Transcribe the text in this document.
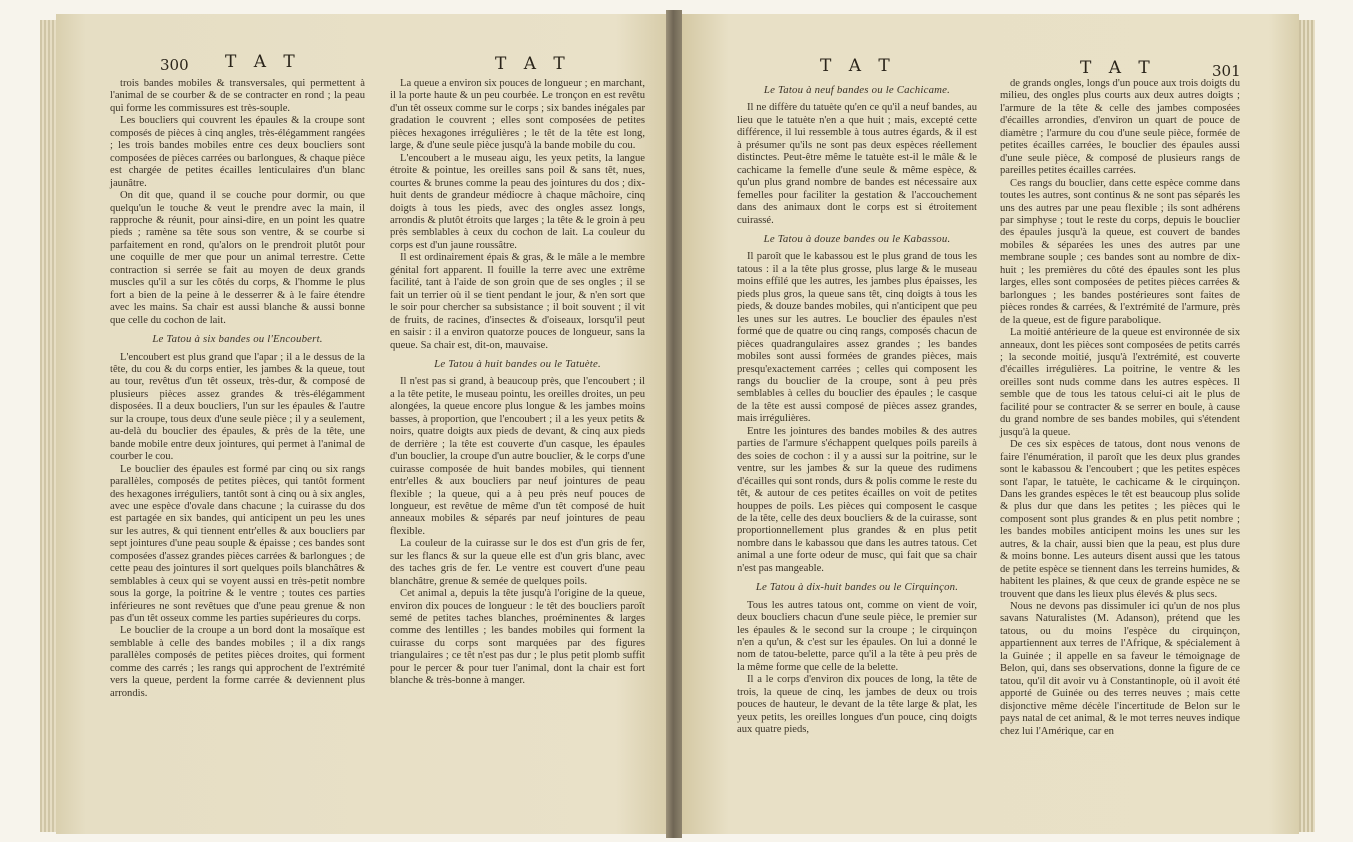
300 T A T	T A T	T A T	T A T	301

trois bandes mobiles & transversales, qui permettent à l'animal de se courber & de se contracter en rond ; la peau qui forme les commissures est très-souple.

Les boucliers qui couvrent les épaules & la croupe sont composés de pièces à cinq angles, très-élégamment rangées ; les trois bandes mobiles entre ces deux boucliers sont composées de pièces carrées ou barlongues, & chaque pièce est chargée de petites écailles lenticulaires d'un blanc jaunâtre.

On dit que, quand il se couche pour dormir, ou que quelqu'un le touche & veut le prendre avec la main, il rapproche & réunit, pour ainsi-dire, en un point les quatre pieds ; ramène sa tête sous son ventre, & se courbe si parfaitement en rond, qu'alors on le prendroit plutôt pour une coquille de mer que pour un animal terrestre. Cette contraction si serrée se fait au moyen de deux grands muscles qu'il a sur les côtés du corps, & l'homme le plus fort a bien de la peine à le desserrer & à le faire étendre avec les mains. Sa chair est aussi blanche & aussi bonne que celle du cochon de lait.

Le Tatou à six bandes ou l'Encoubert.

L'encoubert est plus grand que l'apar ; il a le dessus de la tête, du cou & du corps entier, les jambes & la queue, tout au tour, revêtus d'un têt osseux, très-dur, & composé de plusieurs pièces assez grandes & très-élégamment disposées. Il a deux boucliers, l'un sur les épaules & l'autre sur la croupe, tous deux d'une seule pièce ; il y a seulement, au-delà du bouclier des épaules, & près de la tête, une bande mobile entre deux jointures, qui permet à l'animal de courber le cou.

Le bouclier des épaules est formé par cinq ou six rangs parallèles, composés de petites pièces, qui tantôt forment des hexagones irréguliers, tantôt sont à cinq ou à six angles, avec une espèce d'ovale dans chacune ; la cuirasse du dos est partagée en six bandes, qui anticipent un peu les unes sur les autres, & qui tiennent entr'elles & aux boucliers par sept jointures d'une peau souple & épaisse ; ces bandes sont composées d'assez grandes pièces carrées & barlongues ; de cette peau des jointures il sort quelques poils blanchâtres & semblables à ceux qui se voyent aussi en très-petit nombre sous la gorge, la poitrine & le ventre ; toutes ces parties inférieures ne sont revêtues que d'une peau grenue & non pas d'un têt osseux comme les parties supérieures du corps.

Le bouclier de la croupe a un bord dont la mosaïque est semblable à celle des bandes mobiles ; il a dix rangs parallèles composés de petites pièces droites, qui forment comme des carrés ; les rangs qui approchent de l'extrémité vers la queue, perdent la forme carrée & deviennent plus arrondis.

La queue a environ six pouces de longueur ; en marchant, il la porte haute & un peu courbée. Le tronçon en est revêtu d'un têt osseux comme sur le corps ; six bandes inégales par gradation le couvrent ; elles sont composées de petites pièces hexagones irrégulières ; le têt de la tête est long, large, & d'une seule pièce jusqu'à la bande mobile du cou.

L'encoubert a le museau aigu, les yeux petits, la langue étroite & pointue, les oreilles sans poil & sans têt, nues, courtes & brunes comme la peau des jointures du dos ; dix-huit dents de grandeur médiocre à chaque mâchoire, cinq doigts à tous les pieds, avec des ongles assez longs, arrondis & plutôt étroits que larges ; la tête & le groin à peu près semblables à ceux du cochon de lait. La couleur du corps est d'un jaune roussâtre.

Il est ordinairement épais & gras, & le mâle a le membre génital fort apparent. Il fouille la terre avec une extrême facilité, tant à l'aide de son groin que de ses ongles ; il se fait un terrier où il se tient pendant le jour, & n'en sort que le soir pour chercher sa subsistance ; il boit souvent ; il vit de fruits, de racines, d'insectes & d'oiseaux, lorsqu'il peut en saisir : il a environ quatorze pouces de longueur, sans la queue. Sa chair est, dit-on, mauvaise.

Le Tatou à huit bandes ou le Tatuète.

Il n'est pas si grand, à beaucoup près, que l'encoubert ; il a la tête petite, le museau pointu, les oreilles droites, un peu alongées, la queue encore plus longue & les jambes moins basses, à proportion, que l'encoubert ; il a les yeux petits & noirs, quatre doigts aux pieds de devant, & cinq aux pieds de derrière ; la tête est couverte d'un casque, les épaules d'un bouclier, la croupe d'un autre bouclier, & le corps d'une cuirasse composée de huit bandes mobiles, qui tiennent entr'elles & aux boucliers par neuf jointures de peau flexible ; la queue, qui a à peu près neuf pouces de longueur, est revêtue de même d'un têt composé de huit anneaux mobiles & séparés par neuf jointures de peau flexible.

La couleur de la cuirasse sur le dos est d'un gris de fer, sur les flancs & sur la queue elle est d'un gris blanc, avec des taches gris de fer. Le ventre est couvert d'une peau blanchâtre, grenue & semée de quelques poils.

Cet animal a, depuis la tête jusqu'à l'origine de la queue, environ dix pouces de longueur : le têt des boucliers paroît semé de petites taches blanches, proéminentes & larges comme des lentilles ; les bandes mobiles qui forment la cuirasse du corps sont marquées par des figures triangulaires ; ce têt n'est pas dur ; le plus petit plomb suffit pour le percer & pour tuer l'animal, dont la chair est fort blanche & très-bonne à manger.

Le Tatou à neuf bandes ou le Cachicame.

Il ne diffère du tatuète qu'en ce qu'il a neuf bandes, au lieu que le tatuète n'en a que huit ; mais, excepté cette différence, il lui ressemble à tous autres égards, & il est à présumer qu'ils ne sont pas deux espèces réellement distinctes. Peut-être même le tatuète est-il le mâle & le cachicame la femelle d'une seule & même espèce, & qu'un plus grand nombre de bandes est nécessaire aux femelles pour faciliter la gestation & l'accouchement dans des animaux dont le corps est si étroitement cuirassé.

Le Tatou à douze bandes ou le Kabassou.

Il paroît que le kabassou est le plus grand de tous les tatous : il a la tête plus grosse, plus large & le museau moins effilé que les autres, les jambes plus épaisses, les pieds plus gros, la queue sans têt, cinq doigts à tous les pieds, & douze bandes mobiles, qui n'anticipent que peu les unes sur les autres. Le bouclier des épaules n'est formé que de quatre ou cinq rangs, composés chacun de pièces quadrangulaires assez grandes ; les bandes mobiles sont aussi formées de grandes pièces, mais presqu'exactement carrées ; celles qui composent les rangs du bouclier de la croupe, sont à peu près semblables à celles du bouclier des épaules ; le casque de la tête est aussi composé de pièces assez grandes, mais irrégulières.

Entre les jointures des bandes mobiles & des autres parties de l'armure s'échappent quelques poils pareils à des soies de cochon : il y a aussi sur la poitrine, sur le ventre, sur les jambes & sur la queue des rudimens d'écailles qui sont ronds, durs & polis comme le reste du têt, & autour de ces petites écailles on voit de petites houppes de poils. Les pièces qui composent le casque de la tête, celle des deux boucliers & de la cuirasse, sont proportionnellement plus grandes & en plus petit nombre dans le kabassou que dans les autres tatous. Cet animal a une forte odeur de musc, qui fait que sa chair n'est pas mangeable.

Le Tatou à dix-huit bandes ou le Cirquinçon.

Tous les autres tatous ont, comme on vient de voir, deux boucliers chacun d'une seule pièce, le premier sur les épaules & le second sur la croupe ; le cirquinçon n'en a qu'un, & c'est sur les épaules. On lui a donné le nom de tatou-belette, parce qu'il a la tête à peu près de la même forme que celle de la belette.

Il a le corps d'environ dix pouces de long, la tête de trois, la queue de cinq, les jambes de deux ou trois pouces de hauteur, le devant de la tête large & plat, les yeux petits, les oreilles longues d'un pouce, cinq doigts aux quatre pieds,

de grands ongles, longs d'un pouce aux trois doigts du milieu, des ongles plus courts aux deux autres doigts ; l'armure de la tête & celle des jambes composées d'écailles arrondies, d'environ un quart de pouce de diamètre ; l'armure du cou d'une seule pièce, formée de petites écailles carrées, le bouclier des épaules aussi d'une seule pièce, & composé de plusieurs rangs de pareilles petites écailles carrées.

Ces rangs du bouclier, dans cette espèce comme dans toutes les autres, sont continus & ne sont pas séparés les uns des autres par une peau flexible ; ils sont adhérens par simphyse ; tout le reste du corps, depuis le bouclier des épaules jusqu'à la queue, est couvert de bandes mobiles & séparées les unes des autres par une membrane souple ; ces bandes sont au nombre de dix-huit ; les premières du côté des épaules sont les plus larges, elles sont composées de petites pièces carrées & barlongues ; les bandes postérieures sont faites de pièces rondes & carrées, & l'extrémité de l'armure, près de la queue, est de figure parabolique.

La moitié antérieure de la queue est environnée de six anneaux, dont les pièces sont composées de petits carrés ; la seconde moitié, jusqu'à l'extrémité, est couverte d'écailles irrégulières. La poitrine, le ventre & les oreilles sont nuds comme dans les autres espèces. Il semble que de tous les tatous celui-ci ait le plus de facilité pour se contracter & se serrer en boule, à cause du grand nombre de ses bandes mobiles, qui s'étendent jusqu'à la queue.

De ces six espèces de tatous, dont nous venons de faire l'énumération, il paroît que les deux plus grandes sont le kabassou & l'encoubert ; que les petites espèces sont l'apar, le tatuète, le cachicame & le cirquinçon. Dans les grandes espèces le têt est beaucoup plus solide & plus dur que dans les petites ; les pièces qui le composent sont plus grandes & en plus petit nombre ; les bandes mobiles anticipent moins les unes sur les autres, & la chair, aussi bien que la peau, est plus dure & moins bonne. Les auteurs disent aussi que les tatous de petite espèce se tiennent dans les terreins humides, & habitent les plaines, & que ceux de grande espèce ne se trouvent que dans les lieux plus élevés & plus secs.

Nous ne devons pas dissimuler ici qu'un de nos plus savans Naturalistes (M. Adanson), prétend que les tatous, ou du moins l'espèce du cirquinçon, appartiennent aux terres de l'Afrique, & spécialement à la Guinée ; il appelle en sa faveur le témoignage de Belon, qui, dans ses observations, donne la figure de ce tatou, qu'il dit avoir vu à Constantinople, où il avoit été apporté de Guinée ou des terres neuves ; mais cette disjonctive même décèle l'incertitude de Belon sur le pays natal de cet animal, & le mot terres neuves indique chez lui l'Amérique, car en
